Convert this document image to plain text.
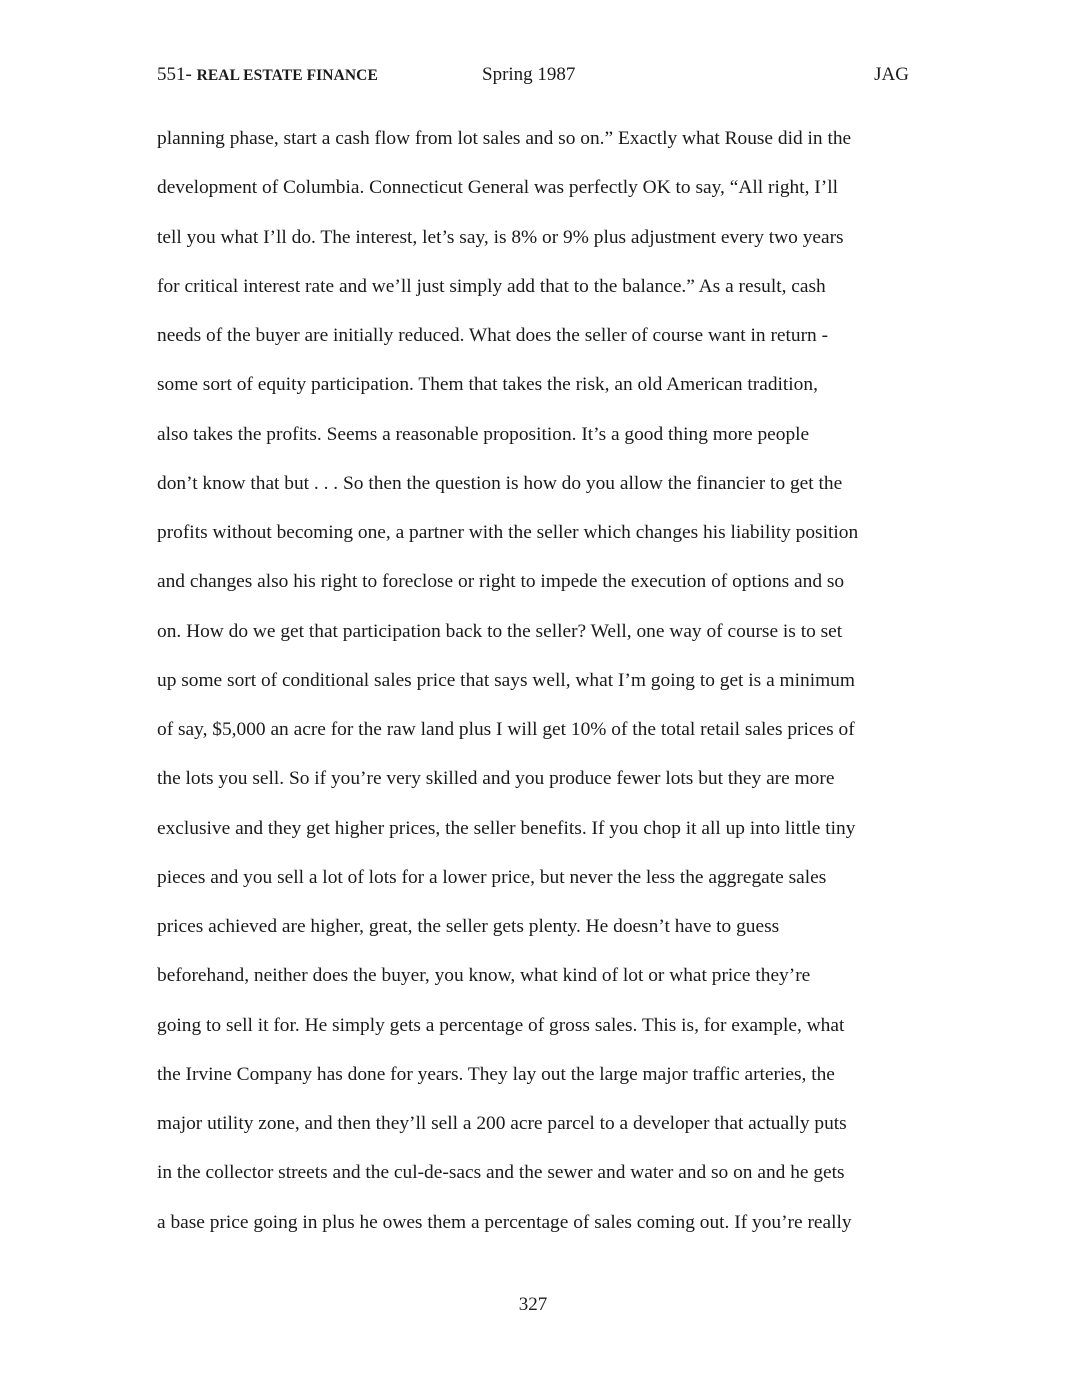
551- REAL ESTATE FINANCE	Spring 1987	JAG
planning phase, start a cash flow from lot sales and so on.” Exactly what Rouse did in the
development of Columbia. Connecticut General was perfectly OK to say, “All right, I’ll
tell you what I’ll do. The interest, let’s say, is 8% or 9% plus adjustment every two years
for critical interest rate and we’ll just simply add that to the balance.” As a result, cash
needs of the buyer are initially reduced. What does the seller of course want in return -
some sort of equity participation. Them that takes the risk, an old American tradition,
also takes the profits. Seems a reasonable proposition. It’s a good thing more people
don’t know that but . . . So then the question is how do you allow the financier to get the
profits without becoming one, a partner with the seller which changes his liability position
and changes also his right to foreclose or right to impede the execution of options and so
on. How do we get that participation back to the seller? Well, one way of course is to set
up some sort of conditional sales price that says well, what I’m going to get is a minimum
of say, $5,000 an acre for the raw land plus I will get 10% of the total retail sales prices of
the lots you sell. So if you’re very skilled and you produce fewer lots but they are more
exclusive and they get higher prices, the seller benefits. If you chop it all up into little tiny
pieces and you sell a lot of lots for a lower price, but never the less the aggregate sales
prices achieved are higher, great, the seller gets plenty. He doesn’t have to guess
beforehand, neither does the buyer, you know, what kind of lot or what price they’re
going to sell it for. He simply gets a percentage of gross sales. This is, for example, what
the Irvine Company has done for years. They lay out the large major traffic arteries, the
major utility zone, and then they’ll sell a 200 acre parcel to a developer that actually puts
in the collector streets and the cul-de-sacs and the sewer and water and so on and he gets
a base price going in plus he owes them a percentage of sales coming out. If you’re really
327
